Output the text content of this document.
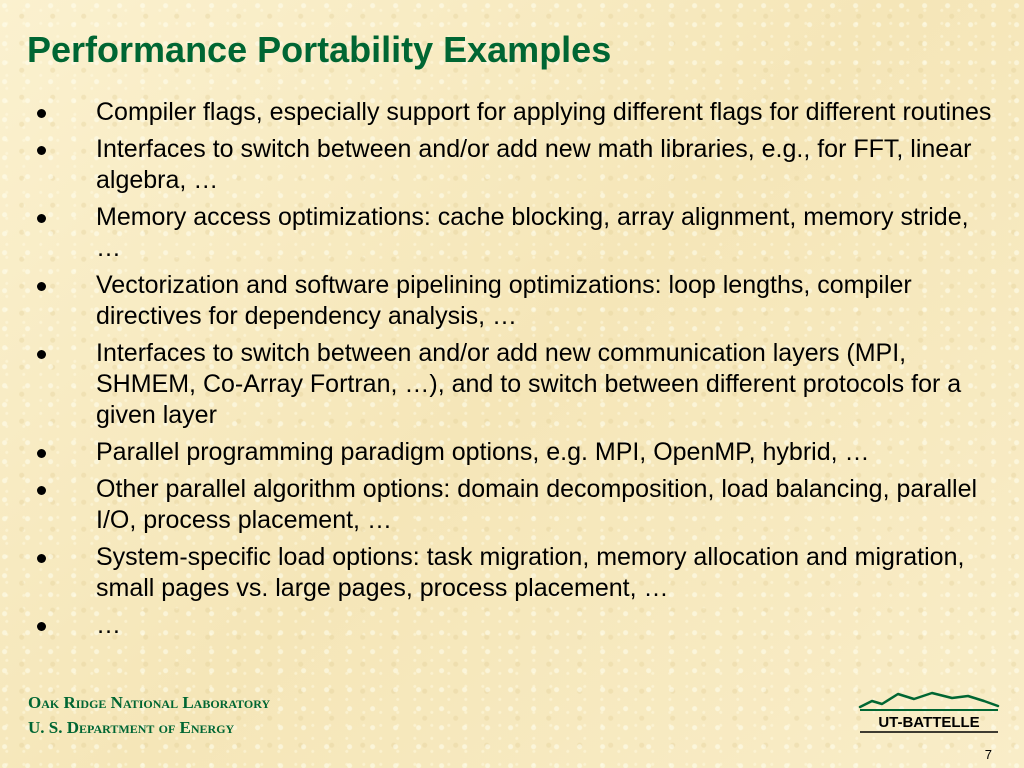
Performance Portability Examples
Compiler flags, especially support for applying different flags for different routines
Interfaces to switch between and/or add new math libraries, e.g., for FFT, linear algebra, …
Memory access optimizations: cache blocking, array alignment, memory stride, …
Vectorization and software pipelining optimizations: loop lengths, compiler directives for dependency analysis, …
Interfaces to switch between and/or add new communication layers (MPI, SHMEM, Co-Array Fortran, …), and to switch between different protocols for a given layer
Parallel programming paradigm options, e.g. MPI, OpenMP, hybrid, …
Other parallel algorithm options: domain decomposition, load balancing, parallel I/O, process placement, …
System-specific load options: task migration, memory allocation and migration, small pages vs. large pages, process placement, …
…
Oak Ridge National Laboratory
U. S. Department of Energy	UT-BATTELLE
7
